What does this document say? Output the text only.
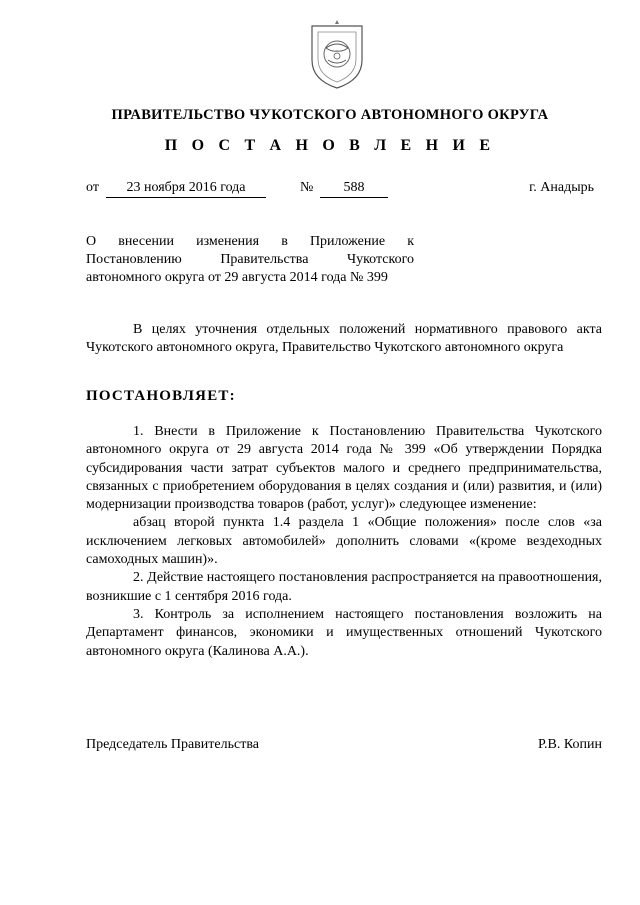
ПРАВИТЕЛЬСТВО ЧУКОТСКОГО АВТОНОМНОГО ОКРУГА
П О С Т А Н О В Л Е Н И Е
от	23 ноября 2016 года	№	588	г. Анадырь
О внесении изменения в Приложение к Постановлению Правительства Чукотского автономного округа от 29 августа 2014 года № 399
В целях уточнения отдельных положений нормативного правового акта Чукотского автономного округа, Правительство Чукотского автономного округа
ПОСТАНОВЛЯЕТ:

1. Внести в Приложение к Постановлению Правительства Чукотского автономного округа от 29 августа 2014 года № 399 «Об утверждении Порядка субсидирования части затрат субъектов малого и среднего предпринимательства, связанных с приобретением оборудования в целях создания и (или) развития, и (или) модернизации производства товаров (работ, услуг)» следующее изменение:

абзац второй пункта 1.4 раздела 1 «Общие положения» после слов «за исключением легковых автомобилей» дополнить словами «(кроме вездеходных самоходных машин)».

2. Действие настоящего постановления распространяется на правоотношения, возникшие с 1 сентября 2016 года.

3. Контроль за исполнением настоящего постановления возложить на Департамент финансов, экономики и имущественных отношений Чукотского автономного округа (Калинова А.А.).

Председатель Правительства	Р.В. Копин
